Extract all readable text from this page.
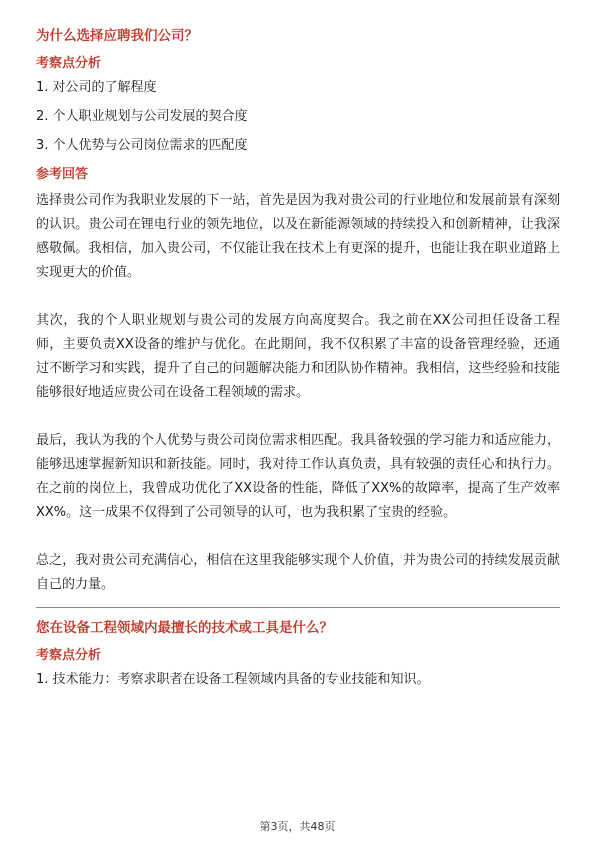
为什么选择应聘我们公司？
考察点分析
1. 对公司的了解程度
2. 个人职业规划与公司发展的契合度
3. 个人优势与公司岗位需求的匹配度
参考回答

选择贵公司作为我职业发展的下一站，首先是因为我对贵公司的行业地位和发展前景有深刻的认识。贵公司在锂电行业的领先地位，以及在新能源领域的持续投入和创新精神，让我深感敬佩。我相信，加入贵公司，不仅能让我在技术上有更深的提升，也能让我在职业道路上实现更大的价值。

其次，我的个人职业规划与贵公司的发展方向高度契合。我之前在XX公司担任设备工程师，主要负责XX设备的维护与优化。在此期间，我不仅积累了丰富的设备管理经验，还通过不断学习和实践，提升了自己的问题解决能力和团队协作精神。我相信，这些经验和技能能够很好地适应贵公司在设备工程领域的需求。

最后，我认为我的个人优势与贵公司岗位需求相匹配。我具备较强的学习能力和适应能力，能够迅速掌握新知识和新技能。同时，我对待工作认真负责，具有较强的责任心和执行力。在之前的岗位上，我曾成功优化了XX设备的性能，降低了XX%的故障率，提高了生产效率XX%。这一成果不仅得到了公司领导的认可，也为我积累了宝贵的经验。

总之，我对贵公司充满信心，相信在这里我能够实现个人价值，并为贵公司的持续发展贡献自己的力量。

您在设备工程领域内最擅长的技术或工具是什么？
考察点分析
1. 技术能力：考察求职者在设备工程领域内具备的专业技能和知识。
第3页，共48页
